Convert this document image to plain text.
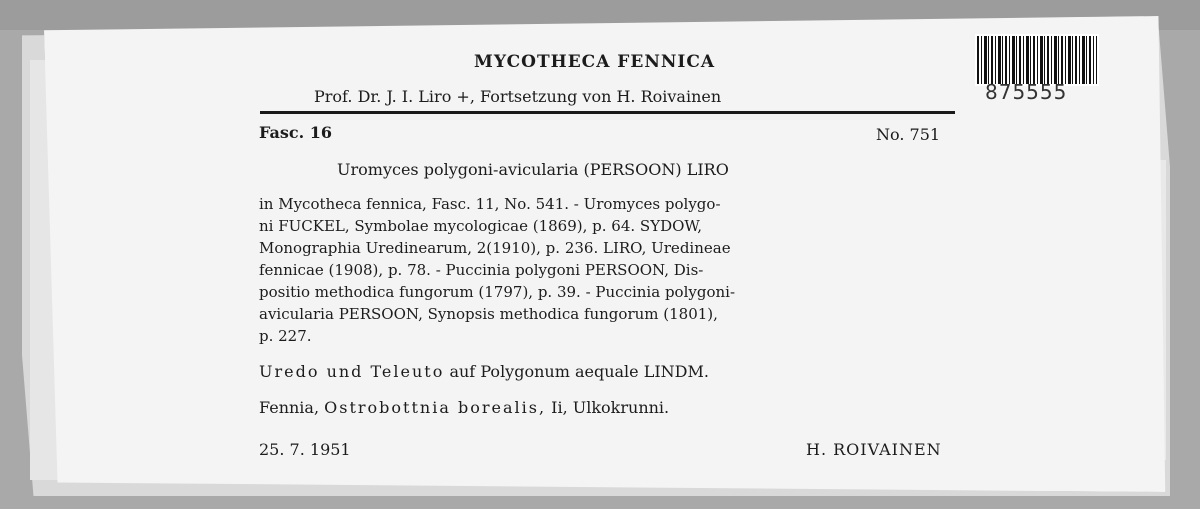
875555
MYCOTHECA FENNICA
Prof. Dr. J. I. Liro +, Fortsetzung von H. Roivainen
Fasc. 16	No. 751
Uromyces polygoni-avicularia (PERSOON) LIRO
in Mycotheca fennica, Fasc. 11, No. 541. - Uromyces polygo-
ni FUCKEL, Symbolae mycologicae (1869), p. 64. SYDOW,
Monographia Uredinearum, 2(1910), p. 236. LIRO, Uredineae
fennicae (1908), p. 78. - Puccinia polygoni PERSOON, Dis-
positio methodica fungorum (1797), p. 39. - Puccinia polygoni-
avicularia PERSOON, Synopsis methodica fungorum (1801),
p. 227.
Uredo und Teleuto auf Polygonum aequale LINDM.
Fennia, Ostrobottnia borealis, Ii, Ulkokrunni.
25. 7. 1951	H. ROIVAINEN
